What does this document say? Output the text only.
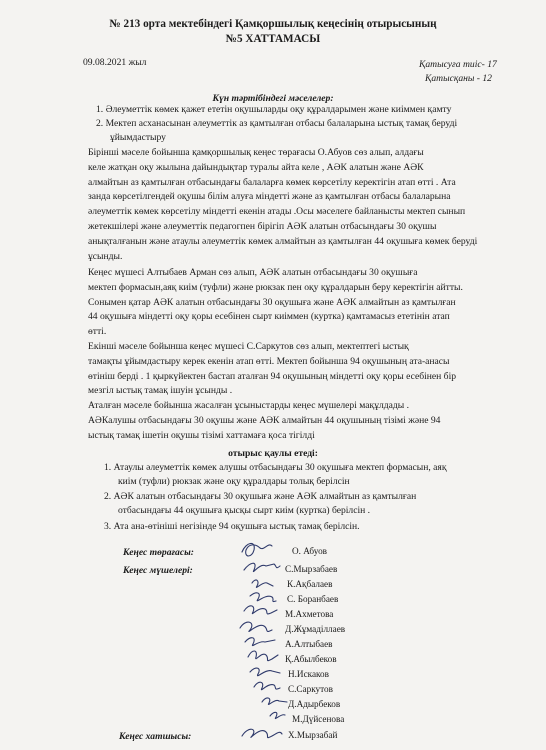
№ 213 орта мектебіндегі Қамқоршылық кеңесінің отырысының
№5 ХАТТАМАСЫ
09.08.2021 жыл	Қатысуға тиіс- 17
Қатысқаны - 12
Күн тәртібіндегі мәселелер:
1. Әлеуметтік көмек қажет ететін оқушыларды оқу құралдарымен және киіммен қамту
2. Мектеп асханасынан әлеуметтік аз қамтылған отбасы балаларына ыстық тамақ беруді
ұйымдастыру
Бірінші мәселе бойынша қамқоршылық кеңес төрағасы О.Абуов сөз алып, алдағы
келе жатқан оқу жылына дайындықтар туралы айта келе , АӘК алатын және АӘК
алмайтын аз қамтылған отбасындағы балаларға көмек көрсетілу керектігін атап өтті . Ата
занда көрсетілгендей оқушы білім алуға міндетті және аз қамтылған отбасы балаларына
әлеуметтік көмек көрсетілу міндетті екенін атады .Осы мәселеге байланысты мектеп сынып
жетекшілері және әлеуметтік педагогпен бірігіп АӘК алатын отбасындағы 30 оқушы
анықталғанын және атаулы әлеуметтік көмек алмайтын аз қамтылған 44 оқушыға көмек беруді
ұсынды.
Кеңес мүшесі Алтыбаев Арман сөз алып, АӘК алатын отбасындағы 30 оқушыға
мектеп формасын,аяқ киім (туфли) және рюкзак пен оқу құралдарын беру керектігін айтты.
Сонымен қатар АӘК алатын отбасындағы 30 оқушыға және АӘК алмайтын аз қамтылған
44 оқушыға міндетті оқу қоры есебінен сырт киіммен (куртка) қамтамасыз ететінін атап
өтті.
Екінші мәселе бойынша кеңес мүшесі С.Саркутов сөз алып, мектептегі ыстық
тамақты ұйымдастыру керек екенін атап өтті. Мектеп бойынша 94 оқушының ата-анасы
өтініш берді . 1 қыркүйектен бастап аталған 94 оқушының міндетті оқу қоры есебінен бір
мезгіл ыстық тамақ ішуін ұсынды .
Аталған мәселе бойынша жасалған ұсыныстарды кеңес мүшелері мақұлдады .
АӘКалушы отбасындағы 30 оқушы және АӘК алмайтын 44 оқушының тізімі және 94
ыстық тамақ ішетін оқушы тізімі хаттамаға қоса тігілді
отырыс қаулы етеді:
1. Атаулы әлеуметтік көмек алушы отбасындағы 30 оқушыға мектеп формасын, аяқ
киім (туфли) рюкзак және оқу құралдары толық берілсін
2. АӘК алатын отбасындағы 30 оқушыға және АӘК алмайтын аз қамтылған
отбасындағы 44 оқушыға қысқы сырт киім (куртка) берілсін .
3. Ата ана-өтініші негізінде 94 оқушыға ыстық тамақ берілсін.
Кеңес төрағасы:	О. Абуов
Кеңес мүшелері:	С.Мырзабаев
К.Ақбалаев
С. Боранбаев
М.Ахметова
Д.Жұмаділлаев
А.Алтыбаев
Қ.Абылбеков
Н.Искаков
С.Саркутов
Д.Адырбеков
М.Дүйсенова
Кеңес хатшысы:	Х.Мырзабай
